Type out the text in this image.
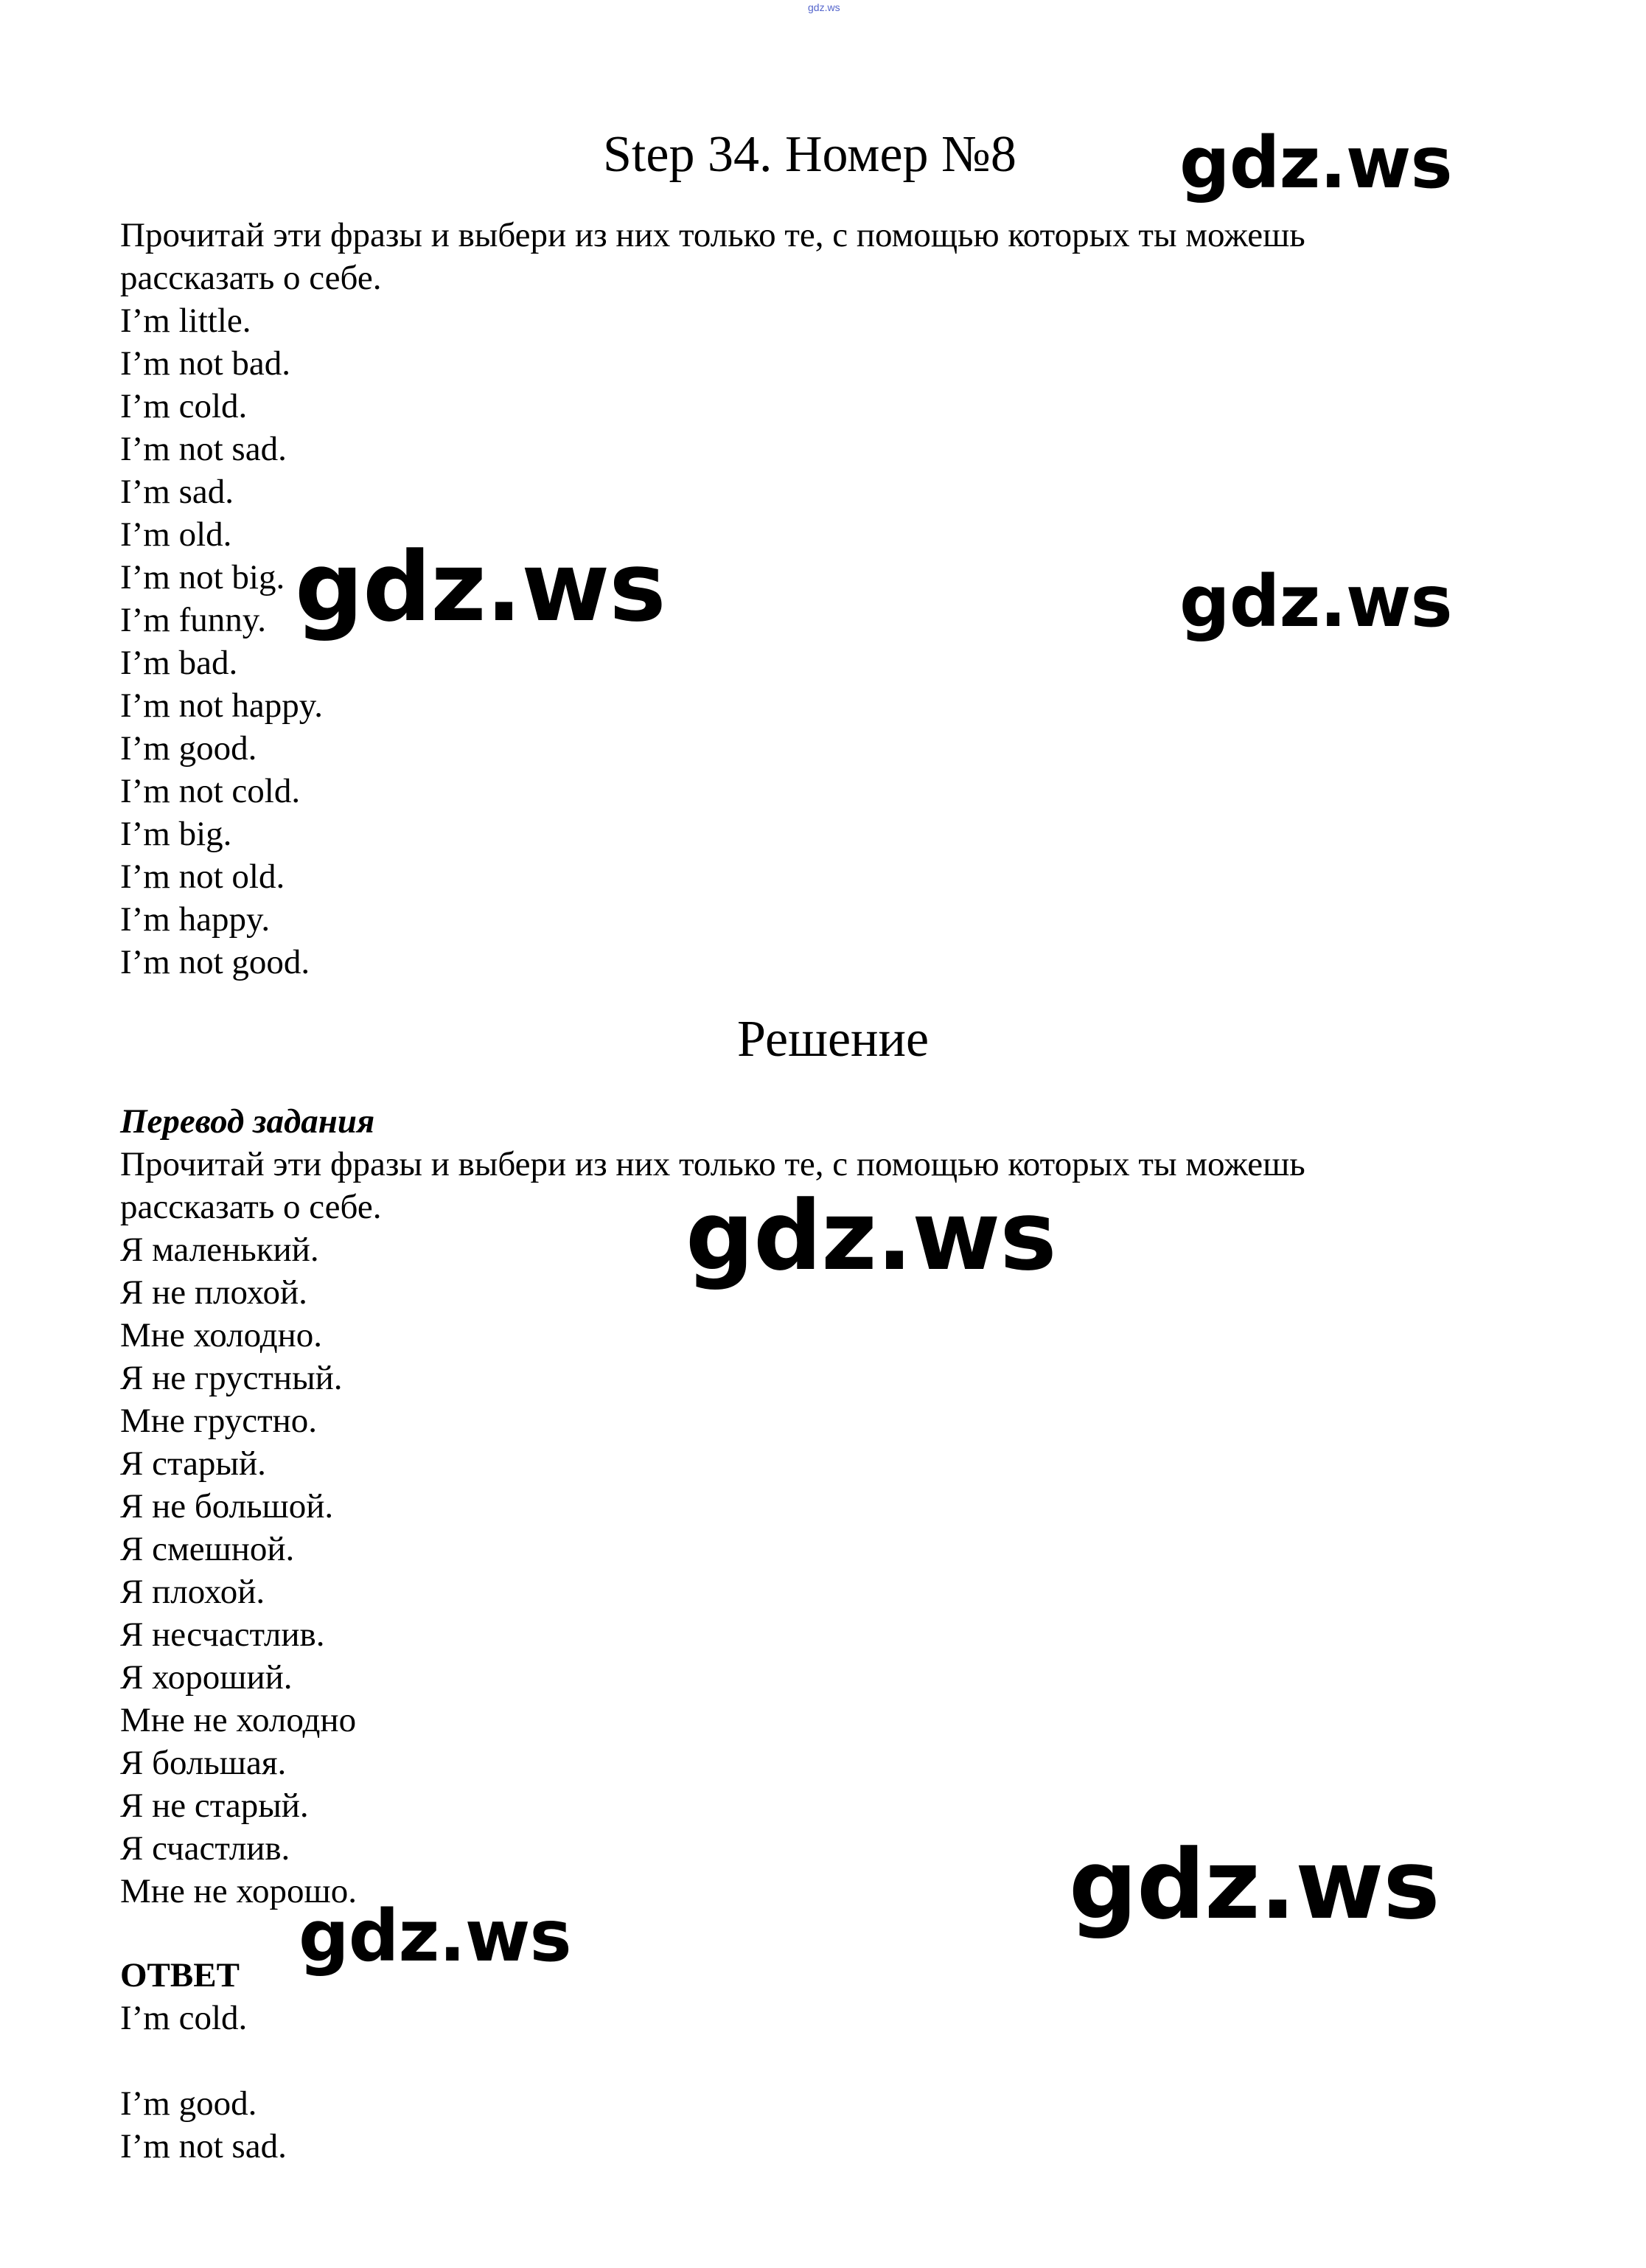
gdz.ws
Step 34. Номер №8
Прочитай эти фразы и выбери из них только те, с помощью которых ты можешь
рассказать о себе.
I’m little.
I’m not bad.
I’m cold.
I’m not sad.
I’m sad.
I’m old.
I’m not big.
I’m funny.
I’m bad.
I’m not happy.
I’m good.
I’m not cold.
I’m big.
I’m not old.
I’m happy.
I’m not good.
Решение
Перевод задания
Прочитай эти фразы и выбери из них только те, с помощью которых ты можешь
рассказать о себе.
Я маленький.
Я не плохой.
Мне холодно.
Я не грустный.
Мне грустно.
Я старый.
Я не большой.
Я смешной.
Я плохой.
Я несчастлив.
Я хороший.
Мне не холодно
Я большая.
Я не старый.
Я счастлив.
Мне не хорошо.
ОТВЕТ
I’m cold.
I’m good.
I’m not sad.
gdz.ws
gdz.ws	gdz.ws
gdz.ws
gdz.ws
gdz.ws
